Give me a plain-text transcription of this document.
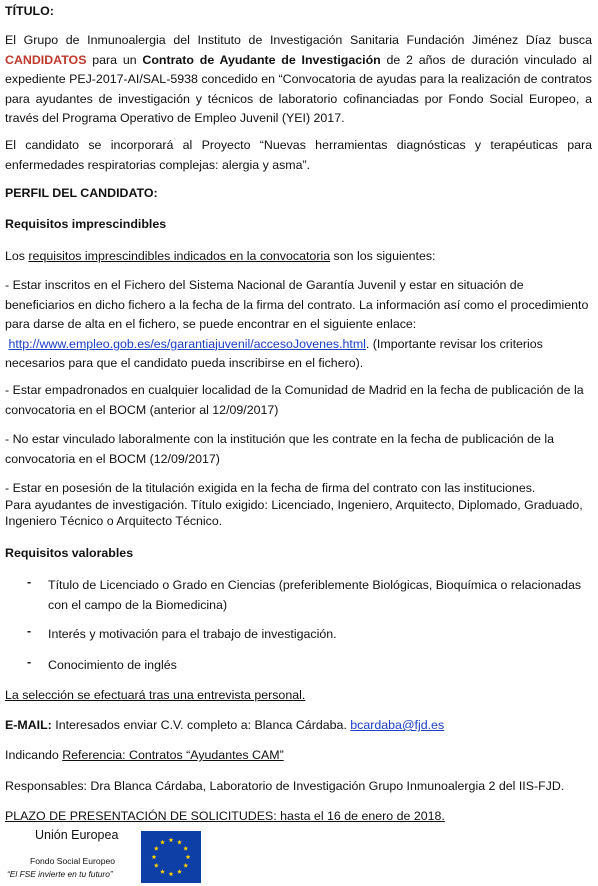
TÍTULO:

El Grupo de Inmunoalergia del Instituto de Investigación Sanitaria Fundación Jiménez Díaz busca CANDIDATOS para un Contrato de Ayudante de Investigación de 2 años de duración vinculado al expediente PEJ-2017-AI/SAL-5938 concedido en “Convocatoria de ayudas para la realización de contratos para ayudantes de investigación y técnicos de laboratorio cofinanciadas por Fondo Social Europeo, a través del Programa Operativo de Empleo Juvenil (YEI) 2017.

El candidato se incorporará al Proyecto “Nuevas herramientas diagnósticas y terapéuticas para enfermedades respiratorias complejas: alergia y asma”.

PERFIL DEL CANDIDATO:

Requisitos imprescindibles

Los requisitos imprescindibles indicados en la convocatoria son los siguientes:

- Estar inscritos en el Fichero del Sistema Nacional de Garantía Juvenil y estar en situación de beneficiarios en dicho fichero a la fecha de la firma del contrato. La información así como el procedimiento para darse de alta en el fichero, se puede encontrar en el siguiente enlace:
http://www.empleo.gob.es/es/garantiajuvenil/accesoJovenes.html. (Importante revisar los criterios necesarios para que el candidato pueda inscribirse en el fichero).

- Estar empadronados en cualquier localidad de la Comunidad de Madrid en la fecha de publicación de la convocatoria en el BOCM (anterior al 12/09/2017)

- No estar vinculado laboralmente con la institución que les contrate en la fecha de publicación de la convocatoria en el BOCM (12/09/2017)

- Estar en posesión de la titulación exigida en la fecha de firma del contrato con las instituciones.
Para ayudantes de investigación. Título exigido: Licenciado, Ingeniero, Arquitecto, Diplomado, Graduado, Ingeniero Técnico o Arquitecto Técnico.

Requisitos valorables

- Título de Licenciado o Grado en Ciencias (preferiblemente Biológicas, Bioquímica o relacionadas con el campo de la Biomedicina)
- Interés y motivación para el trabajo de investigación.
- Conocimiento de inglés

La selección se efectuará tras una entrevista personal.

E-MAIL: Interesados enviar C.V. completo a: Blanca Cárdaba. bcardaba@fjd.es

Indicando Referencia: Contratos “Ayudantes CAM”

Responsables: Dra Blanca Cárdaba, Laboratorio de Investigación Grupo Inmunoalergia 2 del IIS-FJD.

PLAZO DE PRESENTACIÓN DE SOLICITUDES: hasta el 16 de enero de 2018.

Unión Europea
Fondo Social Europeo
“El FSE invierte en tu futuro”
